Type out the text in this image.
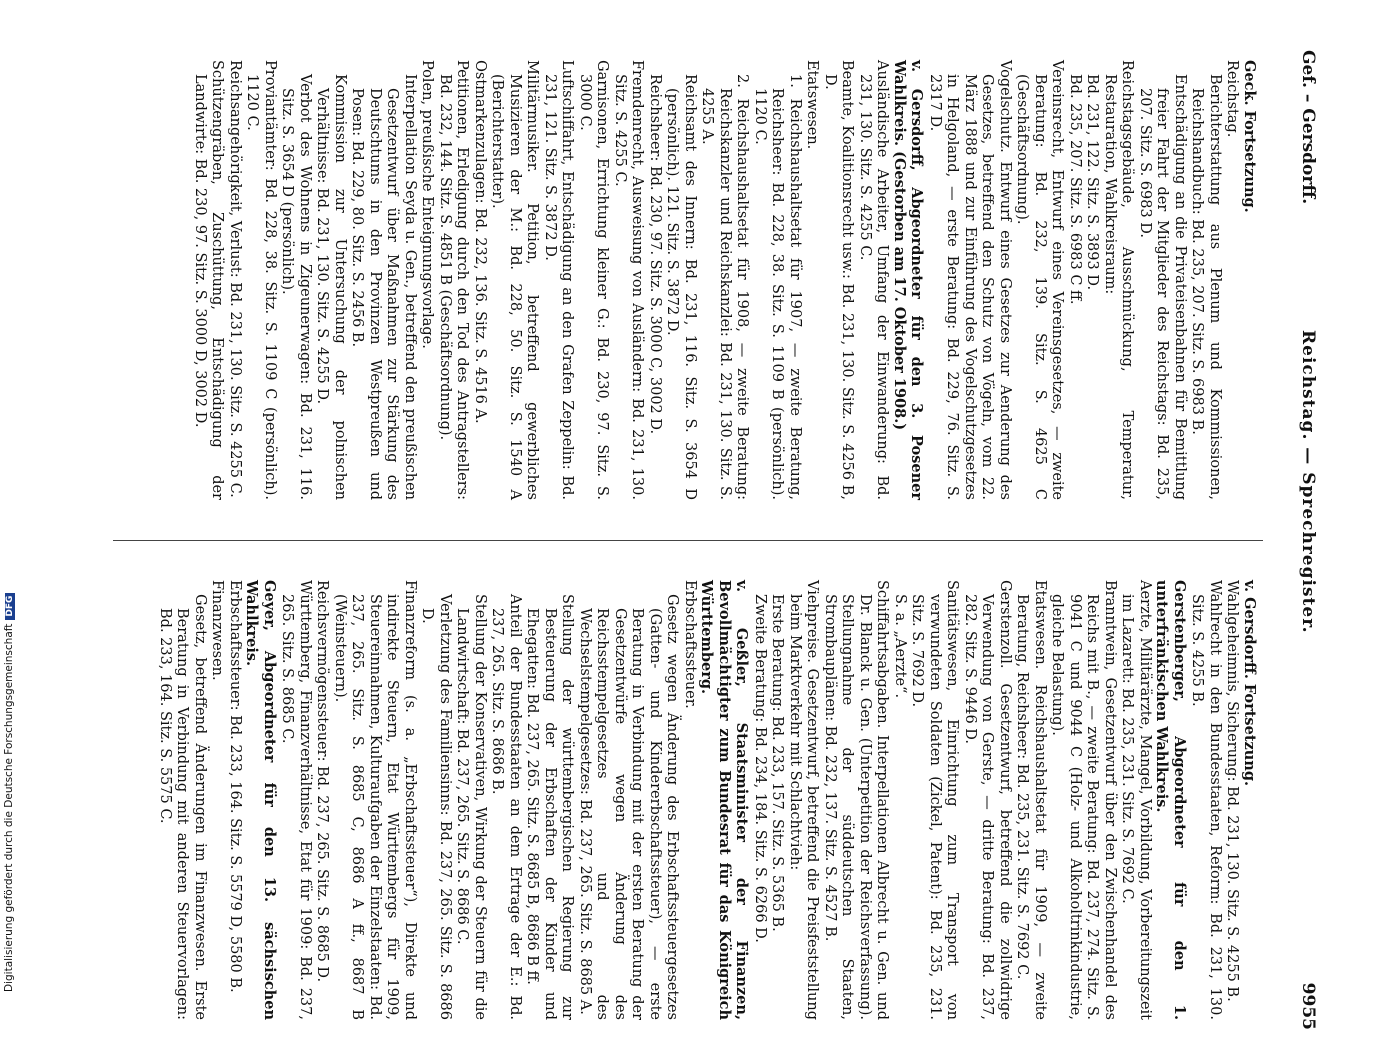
Gef. – Gersdorff.
Reichstag. — Sprechregister.
9955

Geck. Fortsetzung.

Reichstag.

Berichterstattung aus Plenum und Kommissionen, Reichshandbuch: Bd. 235, 207. Sitz. S. 6983 B.

Entschädigung an die Privateisenbahnen für Bemittlung freier Fahrt der Mitglieder des Reichstags: Bd. 235, 207. Sitz. S. 6983 D.

Reichstagsgebäude, Ausschmückung, Temperatur, Restauration, Wahlkreisraum:

Bd. 231, 122. Sitz. S. 3893 D.

Bd. 235, 207. Sitz. S. 6983 C ff.

Vereinsrecht, Entwurf eines Vereinsgesetzes, — zweite Beratung: Bd. 232, 139. Sitz. S. 4625 C (Geschäftsordnung).

Vogelschutz. Entwurf eines Gesetzes zur Aenderung des Gesetzes, betreffend den Schutz von Vögeln, vom 22. März 1888 und zur Einführung des Vogelschutzgesetzes in Helgoland, — erste Beratung: Bd. 229, 76. Sitz. S. 2317 D.

v. Gersdorff, Abgeordneter für den 3. Posener Wahlkreis. (Gestorben am 17. Oktober 1908.)

Ausländische Arbeiter, Umfang der Einwanderung: Bd. 231, 130. Sitz. S. 4255 C.

Beamte, Koalitionsrecht usw.: Bd. 231, 130. Sitz. S. 4256 B, D.

Etatswesen.

1. Reichshaushaltsetat für 1907, — zweite Beratung, Reichsheer: Bd. 228, 38. Sitz. S. 1109 B (persönlich). 1120 C.

2. Reichshaushaltsetat für 1908, — zweite Beratung: Reichskanzler und Reichskanzlei: Bd. 231, 130. Sitz. S. 4255 A.

Reichsamt des Innern: Bd. 231, 116. Sitz. S. 3654 D (persönlich). 121. Sitz. S. 3872 D.

Reichsheer: Bd. 230, 97. Sitz. S. 3000 C, 3002 D.

Fremdenrecht, Ausweisung von Ausländern: Bd. 231, 130. Sitz. S. 4255 C.

Garnisonen, Errichtung kleiner G.: Bd. 230, 97. Sitz. S. 3000 C.

Luftschiffahrt, Entschädigung an den Grafen Zeppelin: Bd. 231, 121. Sitz. S. 3872 D.

Militärmusiker. Petition, betreffend gewerbliches Musizieren der M.: Bd. 228, 50. Sitz. S. 1540 A (Berichterstatter).

Ostmarkenzulagen: Bd. 232, 136. Sitz. S. 4516 A.

Petitionen, Erledigung durch den Tod des Antragstellers: Bd. 232, 144. Sitz. S. 4851 B (Geschäftsordnung).

Polen, preußische Enteignungsvorlage.

Interpellation Seyda u. Gen., betreffend den preußischen Gesetzentwurf über Maßnahmen zur Stärkung des Deutschtums in den Provinzen Westpreußen und Posen: Bd. 229, 80. Sitz. S. 2456 B.

Kommission zur Untersuchung der polnischen Verhältnisse: Bd. 231, 130. Sitz. S. 4255 D.

Verbot des Wohnens in Zigeunerwagen: Bd. 231, 116. Sitz. S. 3654 D (persönlich).

Proviantämter: Bd. 228, 38. Sitz. S. 1109 C (persönlich). 1120 C.

Reichsangehörigkeit, Verlust: Bd. 231, 130. Sitz. S. 4255 C.

Schützengräben, Zuschüttung, Entschädigung der Landwirte: Bd. 230, 97. Sitz. S. 3000 D, 3002 D.

v. Gersdorff. Fortsetzung.

Wahlgeheimnis, Sicherung: Bd. 231, 130. Sitz. S. 4255 B.

Wahlrecht in den Bundesstaaten, Reform: Bd. 231, 130. Sitz. S. 4255 B.

Gerstenberger, Abgeordneter für den 1. unterfränkischen Wahlkreis.

Aerzte, Militärärzte, Mangel, Vorbildung, Vorbereitungszeit im Lazarett: Bd. 235, 231. Sitz. S. 7692 C.

Branntwein, Gesetzentwurf über den Zwischenhandel des Reichs mit B., — zweite Beratung: Bd. 237, 274. Sitz. S. 9041 C und 9044 C (Holz- und Alkoholtrinkindustrie, gleiche Belastung).

Etatswesen. Reichshaushaltsetat für 1909, — zweite Beratung, Reichsheer: Bd. 235, 231. Sitz. S. 7692 C.

Gerstenzoll. Gesetzentwurf, betreffend die zollwidrige Verwendung von Gerste, — dritte Beratung: Bd. 237, 282. Sitz. S. 9446 D.

Sanitätswesen, Einrichtung zum Transport von verwundeten Soldaten (Zickel, Patent): Bd. 235, 231. Sitz. S. 7692 D.

S. a. „Aerzte“.

Schiffahrtsabgaben. Interpellationen Albrecht u. Gen. und Dr. Blanck u. Gen. (Unterpetition der Reichsverfassung). Stellungnahme der süddeutschen Staaten, Strombauplänen: Bd. 232, 137. Sitz. S. 4527 B.

Viehpreise. Gesetzentwurf, betreffend die Preisfeststellung beim Marktverkehr mit Schlachtvieh:

Erste Beratung: Bd. 233, 157. Sitz. S. 5365 B.

Zweite Beratung: Bd. 234, 184. Sitz. S. 6266 D.

v. Geßler, Staatsminister der Finanzen, Bevollmächtigter zum Bundesrat für das Königreich Württemberg.

Erbschaftssteuer.

Gesetz wegen Änderung des Erbschaftssteuergesetzes (Gatten- und Kindererbschaftssteuer), — erste Beratung in Verbindung mit der ersten Beratung der Gesetzentwürfe wegen Änderung des Reichsstempelgesetzes und des Wechselstempelgesetzes: Bd. 237, 265. Sitz. S. 8685 A.

Stellung der württembergischen Regierung zur Besteuerung der Erbschaften der Kinder und Ehegatten: Bd. 237, 265. Sitz. S. 8685 B, 8686 B ff.

Anteil der Bundesstaaten an dem Ertrage der E.: Bd. 237, 265. Sitz. S. 8686 B.

Stellung der Konservativen, Wirkung der Steuern für die Landwirtschaft: Bd. 237, 265. Sitz. S. 8686 C.

Verletzung des Familiensinns: Bd. 237, 265. Sitz. S. 8686 D.

Finanzreform (s. a. „Erbschaftssteuer“), Direkte und indirekte Steuern, Etat Württembergs für 1909, Steuereinnahmen, Kulturaufgaben der Einzelstaaten: Bd. 237, 265. Sitz. S. 8685 C, 8686 A ff., 8687 B (Weinsteuern).

Reichsvermögenssteuer: Bd. 237, 265. Sitz. S. 8685 D.

Württemberg, Finanzverhältnisse, Etat für 1909: Bd. 237, 265. Sitz. S. 8685 C.

Geyer, Abgeordneter für den 13. sächsischen Wahlkreis.

Erbschaftssteuer: Bd. 233, 164. Sitz. S. 5579 D, 5580 B.

Finanzwesen.

Gesetz, betreffend Änderungen im Finanzwesen. Erste Beratung in Verbindung mit anderen Steuervorlagen: Bd. 233, 164. Sitz. S. 5575 C.

Digitalisierung gefördert durch die Deutsche ForschungsgemeinschaftDFG
